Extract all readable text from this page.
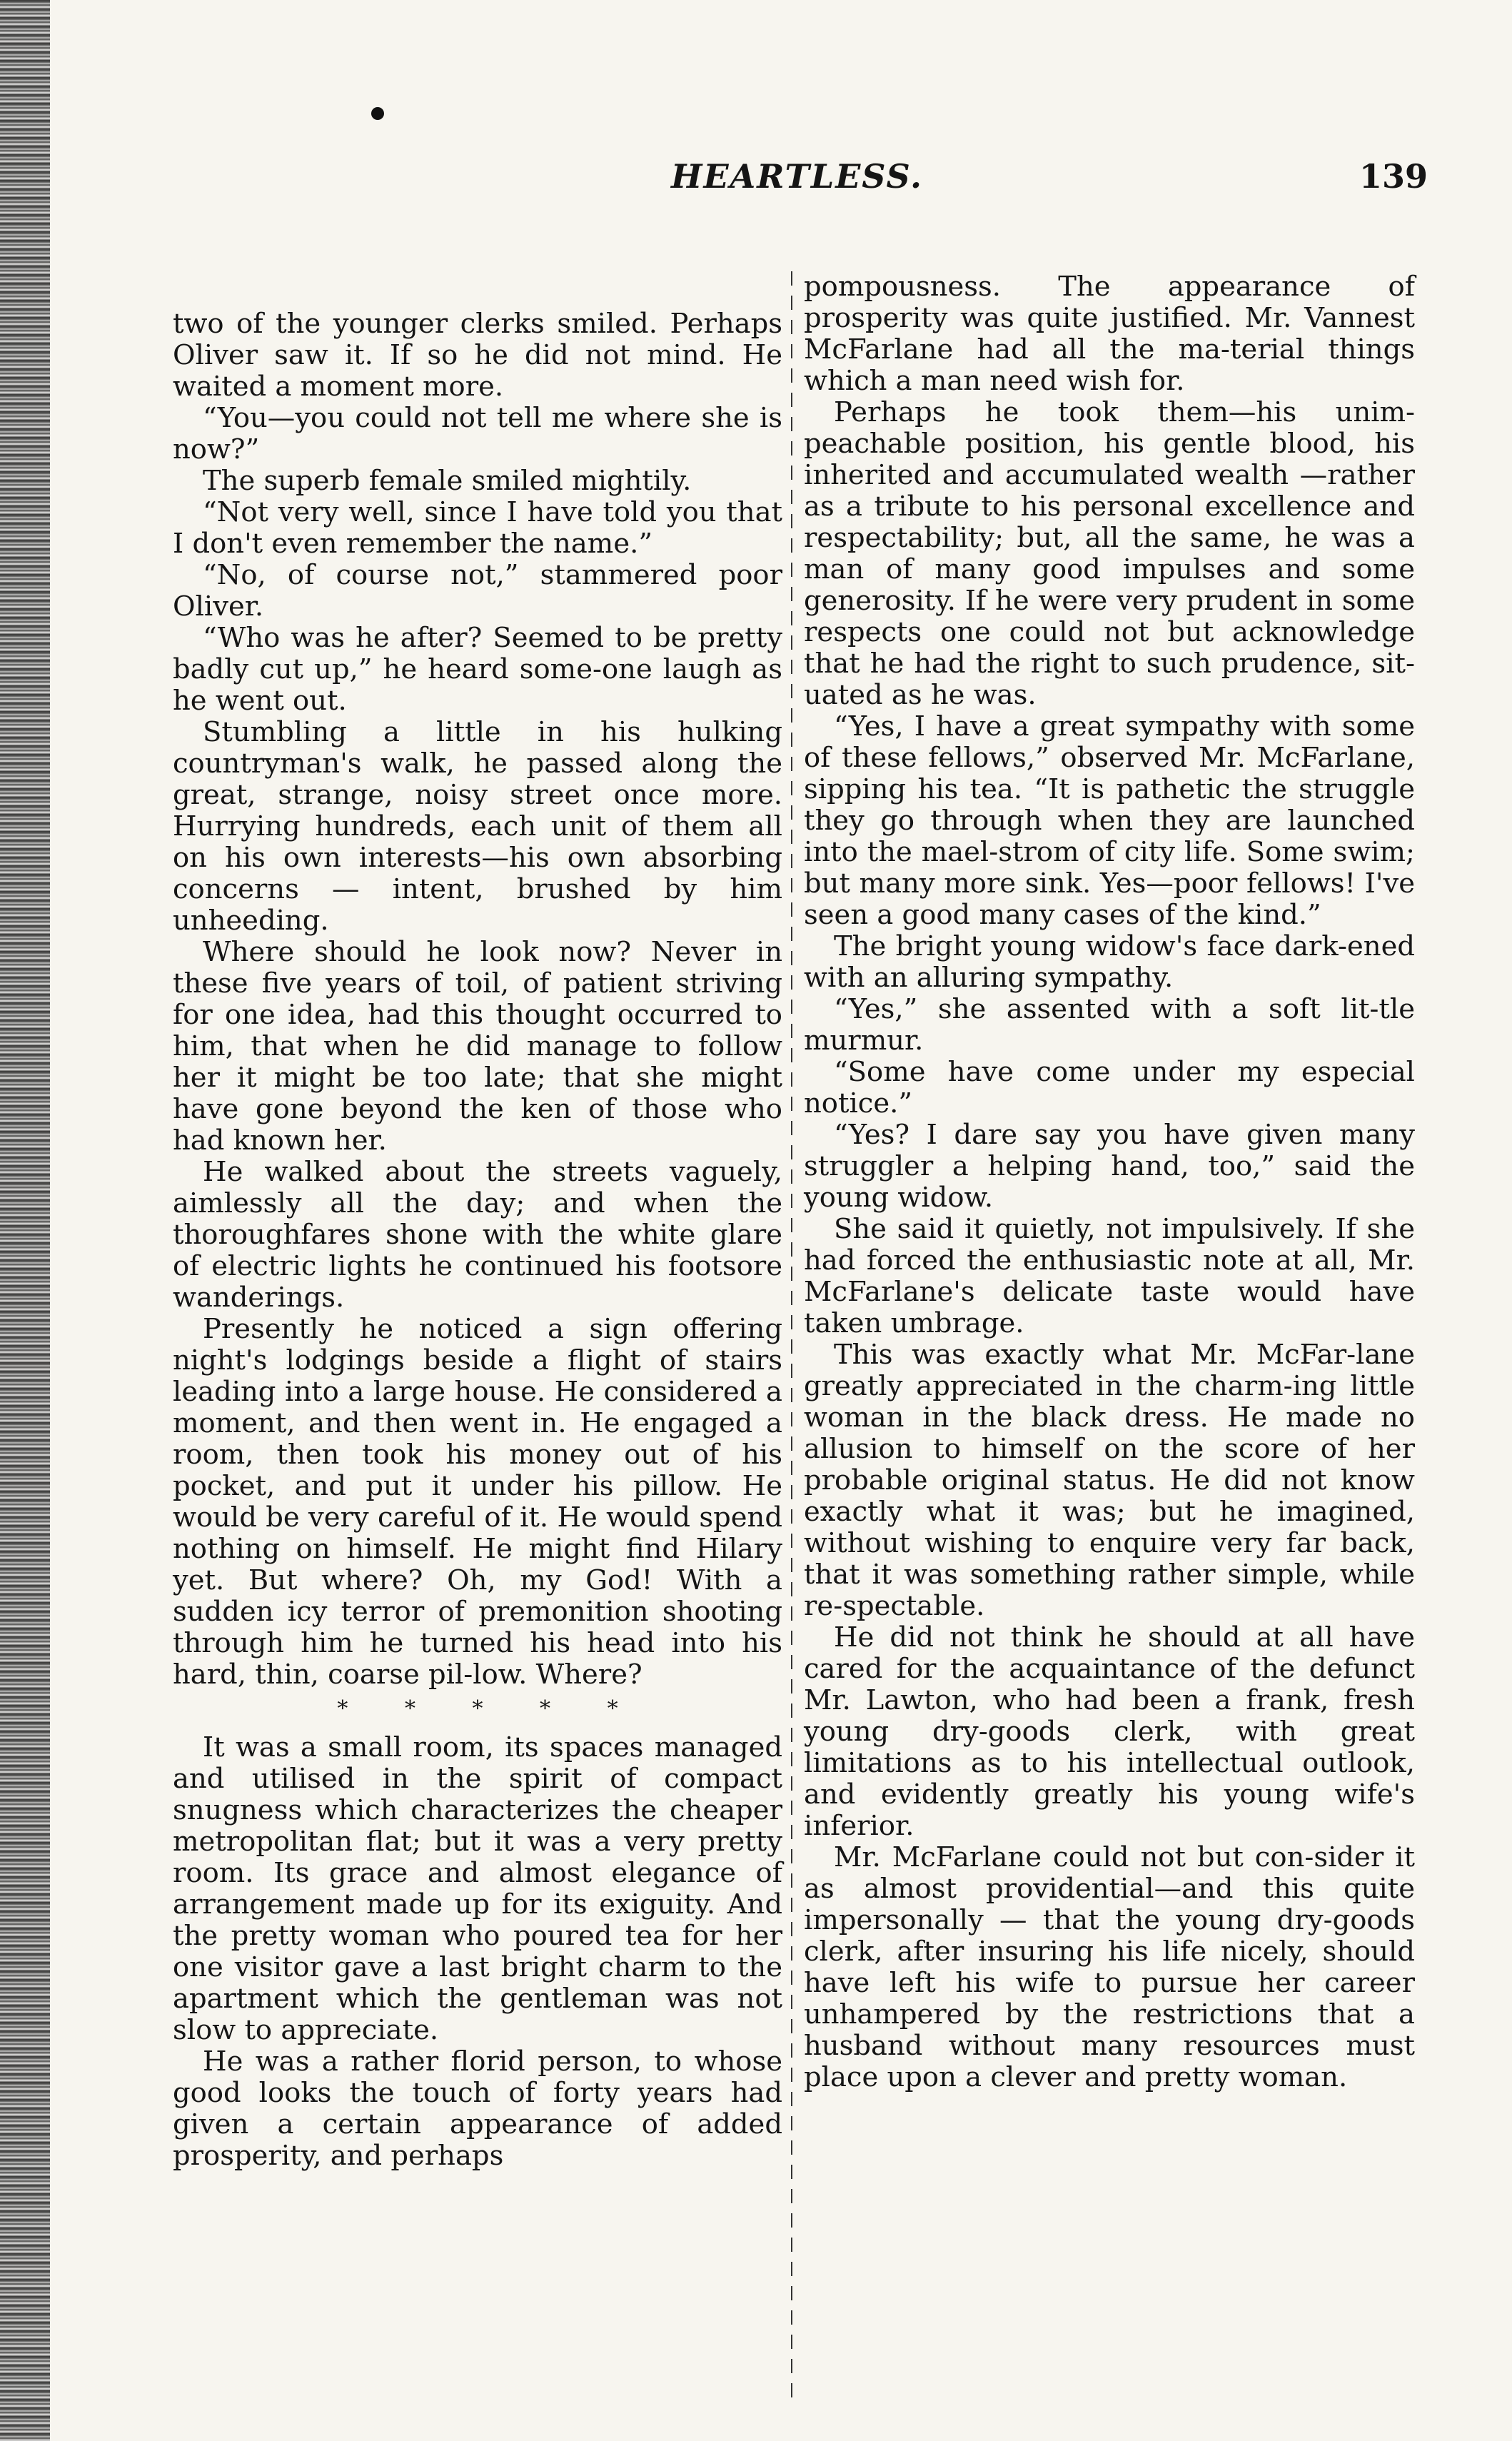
HEARTLESS.	139

two of the younger clerks smiled. Perhaps Oliver saw it. If so he did not mind. He waited a moment more.

“You—you could not tell me where she is now?”

The superb female smiled mightily.

“Not very well, since I have told you that I don't even remember the name.”

“No, of course not,” stammered poor Oliver.

“Who was he after? Seemed to be pretty badly cut up,” he heard some-one laugh as he went out.

Stumbling a little in his hulking countryman's walk, he passed along the great, strange, noisy street once more. Hurrying hundreds, each unit of them all on his own interests—his own absorbing concerns — intent, brushed by him unheeding.

Where should he look now? Never in these five years of toil, of patient striving for one idea, had this thought occurred to him, that when he did manage to follow her it might be too late; that she might have gone beyond the ken of those who had known her.

He walked about the streets vaguely, aimlessly all the day; and when the thoroughfares shone with the white glare of electric lights he continued his footsore wanderings.

Presently he noticed a sign offering night's lodgings beside a flight of stairs leading into a large house. He considered a moment, and then went in. He engaged a room, then took his money out of his pocket, and put it under his pillow. He would be very careful of it. He would spend nothing on himself. He might find Hilary yet. But where? Oh, my God! With a sudden icy terror of premonition shooting through him he turned his head into his hard, thin, coarse pil-low. Where?

* * * * *

It was a small room, its spaces managed and utilised in the spirit of compact snugness which characterizes the cheaper metropolitan flat; but it was a very pretty room. Its grace and almost elegance of arrangement made up for its exiguity. And the pretty woman who poured tea for her one visitor gave a last bright charm to the apartment which the gentleman was not slow to appreciate.

He was a rather florid person, to whose good looks the touch of forty years had given a certain appearance of added prosperity, and perhaps

pompousness. The appearance of prosperity was quite justified. Mr. Vannest McFarlane had all the ma-terial things which a man need wish for.

Perhaps he took them—his unim-peachable position, his gentle blood, his inherited and accumulated wealth —rather as a tribute to his personal excellence and respectability; but, all the same, he was a man of many good impulses and some generosity. If he were very prudent in some respects one could not but acknowledge that he had the right to such prudence, sit-uated as he was.

“Yes, I have a great sympathy with some of these fellows,” observed Mr. McFarlane, sipping his tea. “It is pathetic the struggle they go through when they are launched into the mael-strom of city life. Some swim; but many more sink. Yes—poor fellows! I've seen a good many cases of the kind.”

The bright young widow's face dark-ened with an alluring sympathy.

“Yes,” she assented with a soft lit-tle murmur.

“Some have come under my especial notice.”

“Yes? I dare say you have given many struggler a helping hand, too,” said the young widow.

She said it quietly, not impulsively. If she had forced the enthusiastic note at all, Mr. McFarlane's delicate taste would have taken umbrage.

This was exactly what Mr. McFar-lane greatly appreciated in the charm-ing little woman in the black dress. He made no allusion to himself on the score of her probable original status. He did not know exactly what it was; but he imagined, without wishing to enquire very far back, that it was something rather simple, while re-spectable.

He did not think he should at all have cared for the acquaintance of the defunct Mr. Lawton, who had been a frank, fresh young dry-goods clerk, with great limitations as to his intellectual outlook, and evidently greatly his young wife's inferior.

Mr. McFarlane could not but con-sider it as almost providential—and this quite impersonally — that the young dry-goods clerk, after insuring his life nicely, should have left his wife to pursue her career unhampered by the restrictions that a husband without many resources must place upon a clever and pretty woman.
